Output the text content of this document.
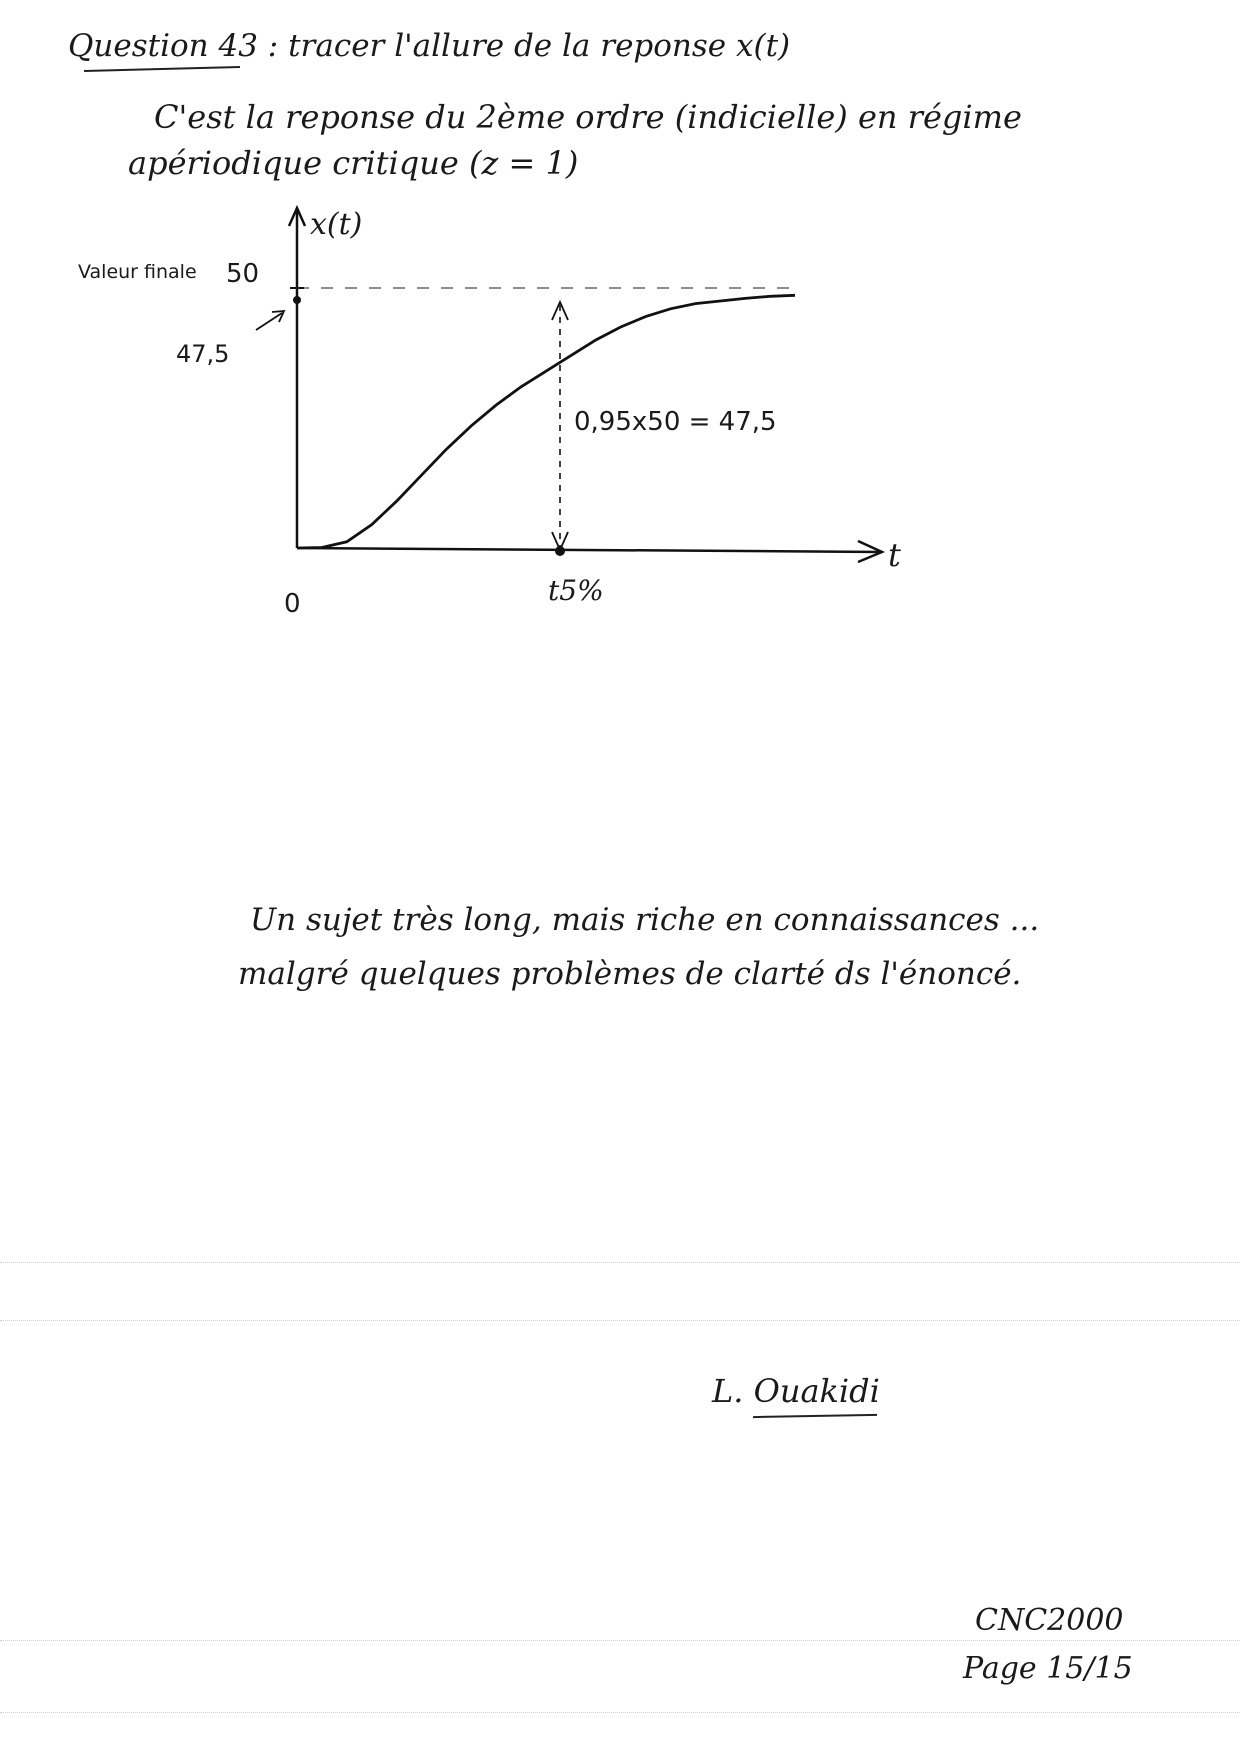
Question 43 : tracer l'allure de la reponse x(t)
C'est la reponse du 2ème ordre (indicielle) en régime
apériodique critique (z = 1)
x(t)
t
0
Valeur finale 50
47,5
0,95x50 = 47,5
t5%
Un sujet très long, mais riche en connaissances ...
malgré quelques problèmes de clarté ds l'énoncé.
L. Ouakidi
CNC2000
Page 15/15
